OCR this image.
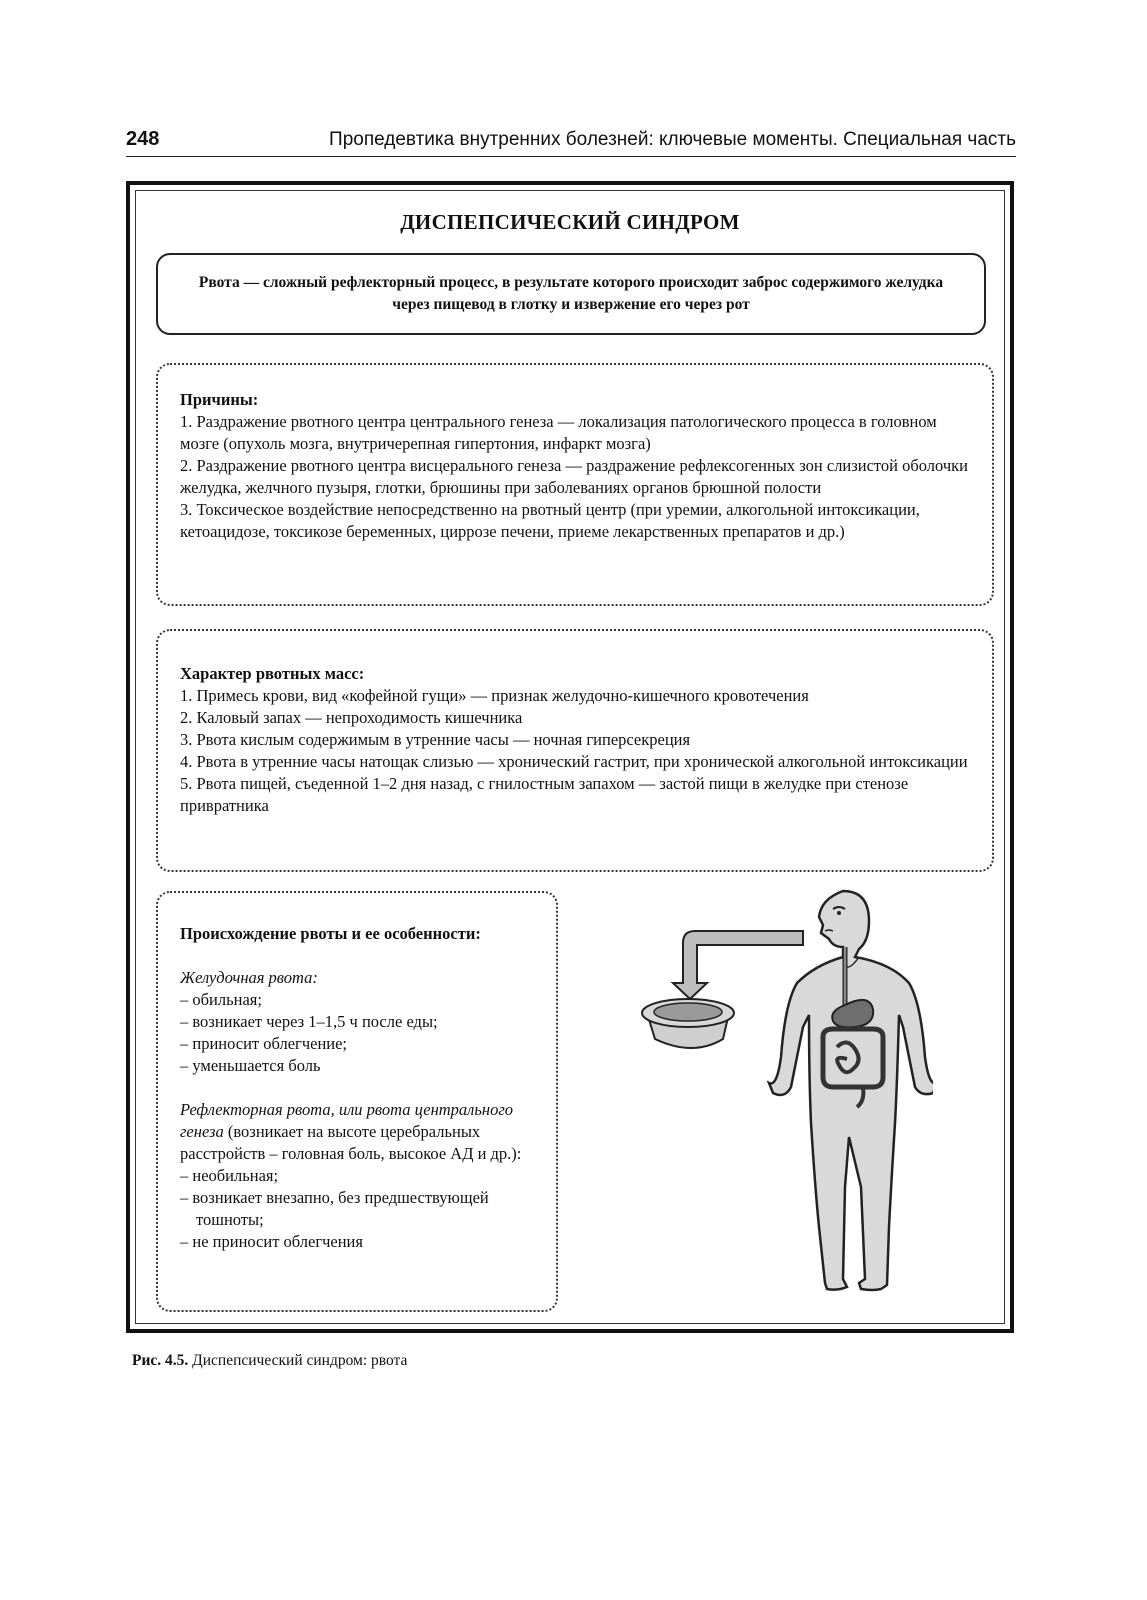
248	Пропедевтика внутренних болезней: ключевые моменты. Специальная часть
ДИСПЕПСИЧЕСКИЙ СИНДРОМ
Рвота — сложный рефлекторный процесс, в результате которого происходит заброс содержимого желудка через пищевод в глотку и извержение его через рот

Причины:

1. Раздражение рвотного центра центрального генеза — локализация патологического процесса в головном мозге (опухоль мозга, внутричерепная гипертония, инфаркт мозга)

2. Раздражение рвотного центра висцерального генеза — раздражение рефлексогенных зон слизистой оболочки желудка, желчного пузыря, глотки, брюшины при заболеваниях органов брюшной полости

3. Токсическое воздействие непосредственно на рвотный центр (при уремии, алкогольной интоксикации, кетоацидозе, токсикозе беременных, циррозе печени, приеме лекарственных препаратов и др.)

Характер рвотных масс:

1. Примесь крови, вид «кофейной гущи» — признак желудочно-кишечного кровотечения

2. Каловый запах — непроходимость кишечника

3. Рвота кислым содержимым в утренние часы — ночная гиперсекреция

4. Рвота в утренние часы натощак слизью — хронический гастрит, при хронической алкогольной интоксикации

5. Рвота пищей, съеденной 1–2 дня назад, с гнилостным запахом — застой пищи в желудке при стенозе привратника

Происхождение рвоты и ее особенности:

Желудочная рвота:

– обильная;

– возникает через 1–1,5 ч после еды;

– приносит облегчение;

– уменьшается боль

Рефлекторная рвота, или рвота центрального генеза (возникает на высоте церебральных расстройств – головная боль, высокое АД и др.):

– необильная;

– возникает внезапно, без предшествующей тошноты;

– не приносит облегчения

Рис. 4.5. Диспепсический синдром: рвота
